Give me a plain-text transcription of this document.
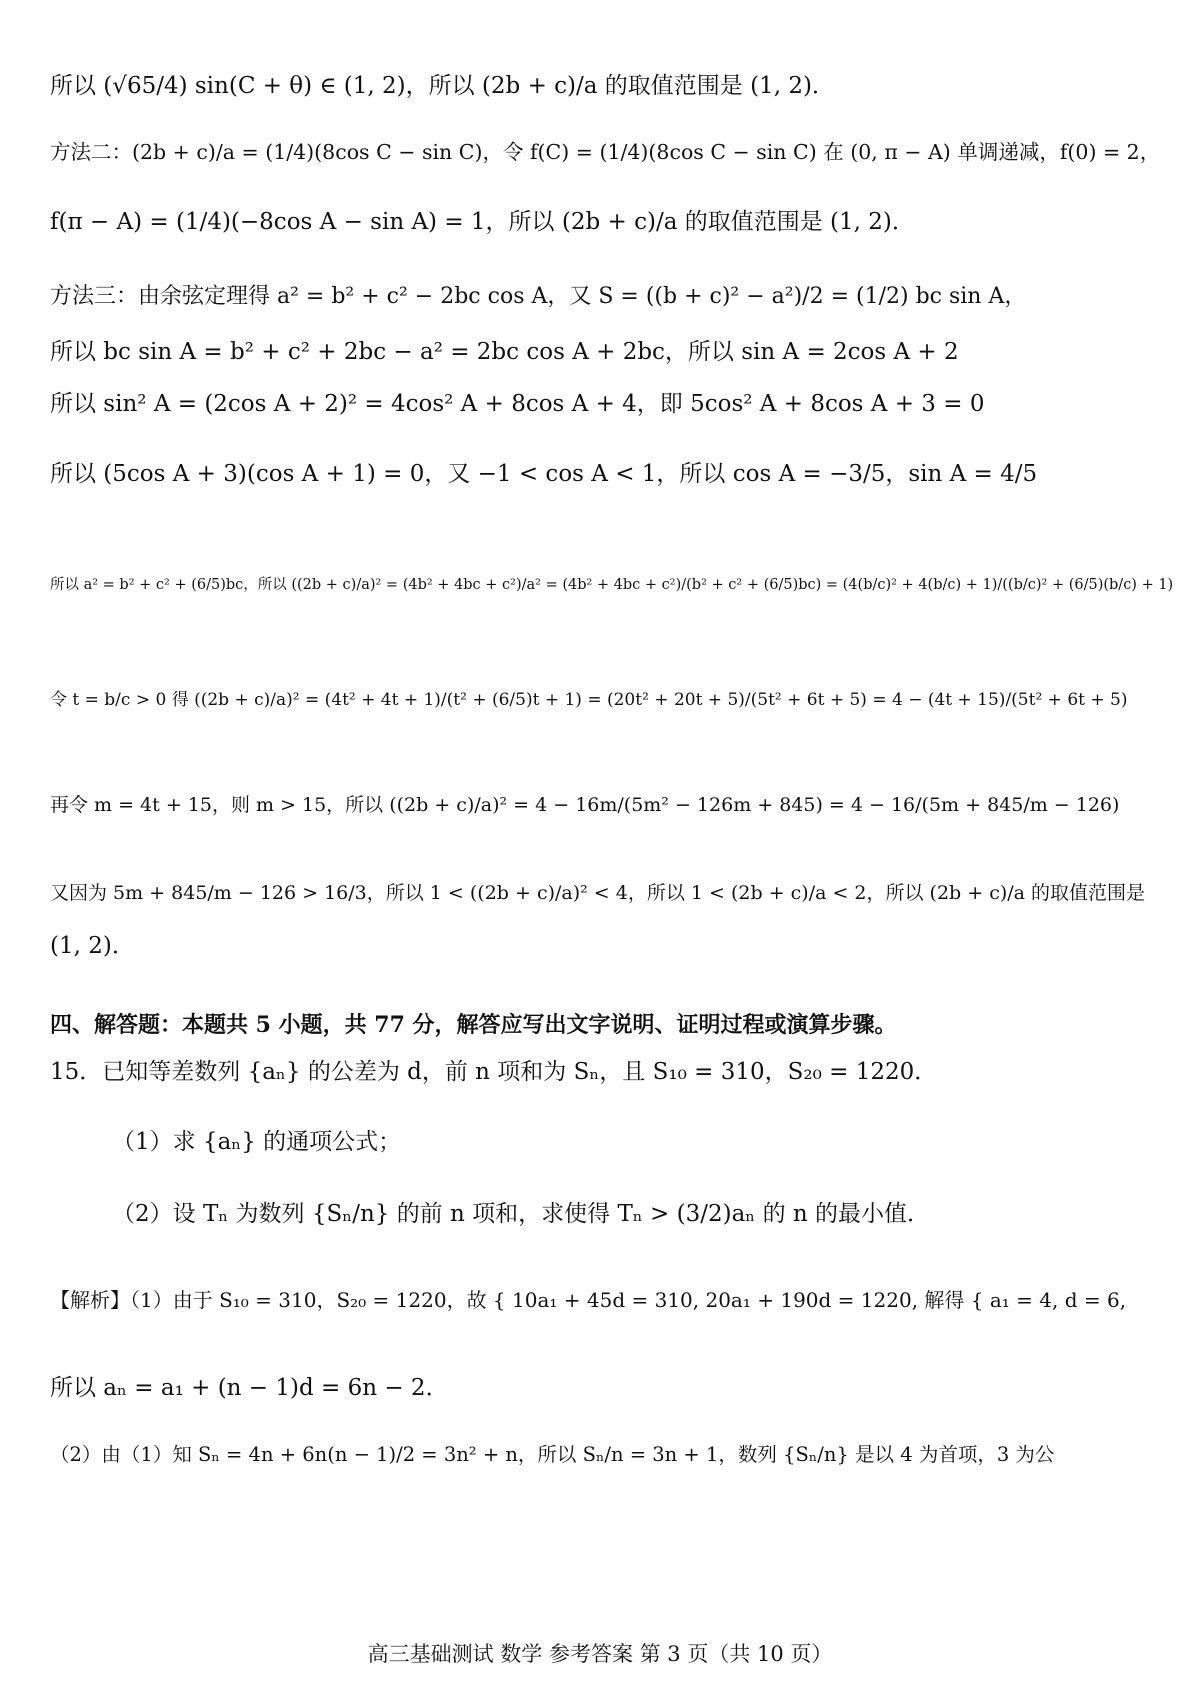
所以 (√65/4) sin(C + θ) ∈ (1, 2)，所以 (2b + c)/a 的取值范围是 (1, 2)．
方法二：(2b + c)/a = (1/4)(8cos C − sin C)，令 f(C) = (1/4)(8cos C − sin C) 在 (0, π − A) 单调递减，f(0) = 2，
f(π − A) = (1/4)(−8cos A − sin A) = 1，所以 (2b + c)/a 的取值范围是 (1, 2)．
方法三：由余弦定理得 a² = b² + c² − 2bc cos A，又 S = ((b + c)² − a²)/2 = (1/2) bc sin A，
所以 bc sin A = b² + c² + 2bc − a² = 2bc cos A + 2bc，所以 sin A = 2cos A + 2
所以 sin² A = (2cos A + 2)² = 4cos² A + 8cos A + 4，即 5cos² A + 8cos A + 3 = 0
所以 (5cos A + 3)(cos A + 1) = 0，又 −1 < cos A < 1，所以 cos A = −3/5，sin A = 4/5
所以 a² = b² + c² + (6/5)bc，所以 ((2b + c)/a)² = (4b² + 4bc + c²)/a² = (4b² + 4bc + c²)/(b² + c² + (6/5)bc) = (4(b/c)² + 4(b/c) + 1)/((b/c)² + (6/5)(b/c) + 1)
令 t = b/c > 0 得 ((2b + c)/a)² = (4t² + 4t + 1)/(t² + (6/5)t + 1) = (20t² + 20t + 5)/(5t² + 6t + 5) = 4 − (4t + 15)/(5t² + 6t + 5)
再令 m = 4t + 15，则 m > 15，所以 ((2b + c)/a)² = 4 − 16m/(5m² − 126m + 845) = 4 − 16/(5m + 845/m − 126)
又因为 5m + 845/m − 126 > 16/3，所以 1 < ((2b + c)/a)² < 4，所以 1 < (2b + c)/a < 2，所以 (2b + c)/a 的取值范围是
(1, 2)．
四、解答题：本题共 5 小题，共 77 分，解答应写出文字说明、证明过程或演算步骤。
15．已知等差数列 {aₙ} 的公差为 d，前 n 项和为 Sₙ，且 S₁₀ = 310，S₂₀ = 1220．
（1）求 {aₙ} 的通项公式；
（2）设 Tₙ 为数列 {Sₙ/n} 的前 n 项和，求使得 Tₙ > (3/2)aₙ 的 n 的最小值．
【解析】（1）由于 S₁₀ = 310，S₂₀ = 1220，故 { 10a₁ + 45d = 310, 20a₁ + 190d = 1220, 解得 { a₁ = 4, d = 6,
所以 aₙ = a₁ + (n − 1)d = 6n − 2．
（2）由（1）知 Sₙ = 4n + 6n(n − 1)/2 = 3n² + n，所以 Sₙ/n = 3n + 1，数列 {Sₙ/n} 是以 4 为首项，3 为公
高三基础测试 数学 参考答案 第 3 页（共 10 页）
